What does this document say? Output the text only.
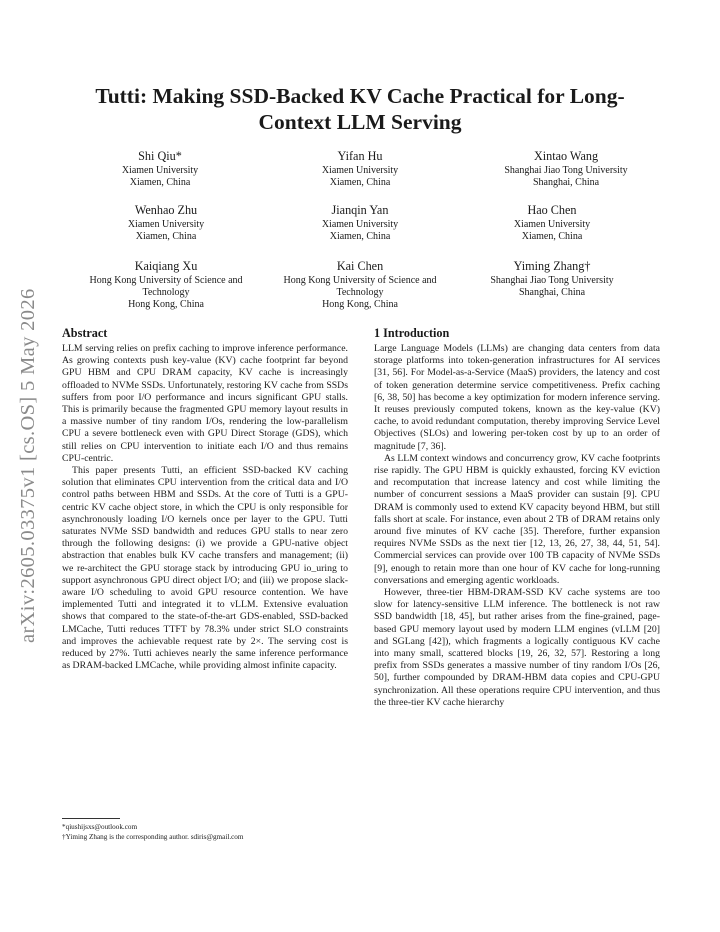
arXiv:2605.03375v1 [cs.OS] 5 May 2026
Tutti: Making SSD-Backed KV Cache Practical for Long-Context LLM Serving
Shi Qiu*
Xiamen University
Xiamen, China
Yifan Hu
Xiamen University
Xiamen, China
Xintao Wang
Shanghai Jiao Tong University
Shanghai, China
Wenhao Zhu
Xiamen University
Xiamen, China
Jianqin Yan
Xiamen University
Xiamen, China
Hao Chen
Xiamen University
Xiamen, China
Kaiqiang Xu
Hong Kong University of Science and Technology
Hong Kong, China
Kai Chen
Hong Kong University of Science and Technology
Hong Kong, China
Yiming Zhang†
Shanghai Jiao Tong University
Shanghai, China
Abstract

LLM serving relies on prefix caching to improve inference performance. As growing contexts push key-value (KV) cache footprint far beyond GPU HBM and CPU DRAM capacity, KV cache is increasingly offloaded to NVMe SSDs. Unfortunately, restoring KV cache from SSDs suffers from poor I/O performance and incurs significant GPU stalls. This is primarily because the fragmented GPU memory layout results in a massive number of tiny random I/Os, rendering the low-parallelism CPU a severe bottleneck even with GPU Direct Storage (GDS), which still relies on CPU intervention to initiate each I/O and thus remains CPU-centric.

This paper presents Tutti, an efficient SSD-backed KV caching solution that eliminates CPU intervention from the critical data and I/O control paths between HBM and SSDs. At the core of Tutti is a GPU-centric KV cache object store, in which the CPU is only responsible for asynchronously loading I/O kernels once per layer to the GPU. Tutti saturates NVMe SSD bandwidth and reduces GPU stalls to near zero through the following designs: (i) we provide a GPU-native object abstraction that enables bulk KV cache transfers and management; (ii) we re-architect the GPU storage stack by introducing GPU io_uring to support asynchronous GPU direct object I/O; and (iii) we propose slack-aware I/O scheduling to avoid GPU resource contention. We have implemented Tutti and integrated it to vLLM. Extensive evaluation shows that compared to the state-of-the-art GDS-enabled, SSD-backed LMCache, Tutti reduces TTFT by 78.3% under strict SLO constraints and improves the achievable request rate by 2×. The serving cost is reduced by 27%. Tutti achieves nearly the same inference performance as DRAM-backed LMCache, while providing almost infinite capacity.

1 Introduction

Large Language Models (LLMs) are changing data centers from data storage platforms into token-generation infrastructures for AI services [31, 56]. For Model-as-a-Service (MaaS) providers, the latency and cost of token generation determine service competitiveness. Prefix caching [6, 38, 50] has become a key optimization for modern inference serving. It reuses previously computed tokens, known as the key-value (KV) cache, to avoid redundant computation, thereby improving Service Level Objectives (SLOs) and lowering per-token cost by up to an order of magnitude [7, 36].

As LLM context windows and concurrency grow, KV cache footprints rise rapidly. The GPU HBM is quickly exhausted, forcing KV eviction and recomputation that increase latency and cost while limiting the number of concurrent sessions a MaaS provider can sustain [9]. CPU DRAM is commonly used to extend KV capacity beyond HBM, but still falls short at scale. For instance, even about 2 TB of DRAM retains only around five minutes of KV cache [35]. Therefore, further expansion requires NVMe SSDs as the next tier [12, 13, 26, 27, 38, 44, 51, 54]. Commercial services can provide over 100 TB capacity of NVMe SSDs [9], enough to retain more than one hour of KV cache for long-running conversations and emerging agentic workloads.

However, three-tier HBM-DRAM-SSD KV cache systems are too slow for latency-sensitive LLM inference. The bottleneck is not raw SSD bandwidth [18, 45], but rather arises from the fine-grained, page-based GPU memory layout used by modern LLM engines (vLLM [20] and SGLang [42]), which fragments a logically contiguous KV cache into many small, scattered blocks [19, 26, 32, 57]. Restoring a long prefix from SSDs generates a massive number of tiny random I/Os [26, 50], further compounded by DRAM-HBM data copies and CPU-GPU synchronization. All these operations require CPU intervention, and thus the three-tier KV cache hierarchy

*qiushijsxs@outlook.com
†Yiming Zhang is the corresponding author. sdiris@gmail.com
